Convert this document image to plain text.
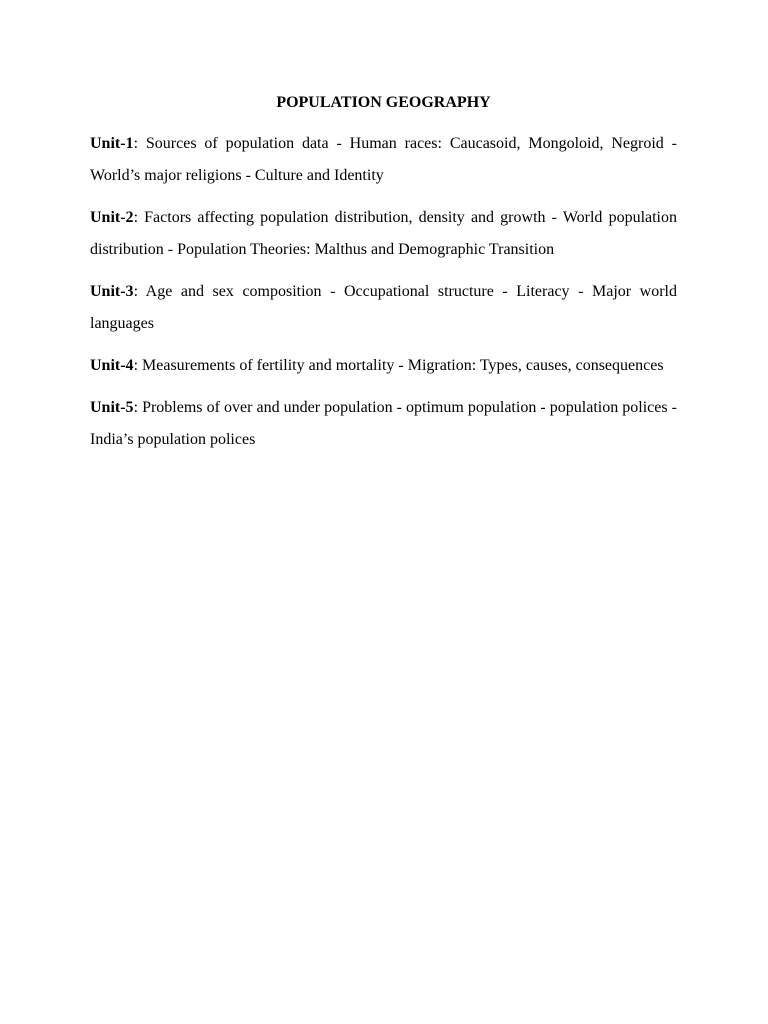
POPULATION GEOGRAPHY

Unit-1: Sources of population data - Human races: Caucasoid, Mongoloid, Negroid - World’s major religions - Culture and Identity

Unit-2: Factors affecting population distribution, density and growth - World population distribution - Population Theories: Malthus and Demographic Transition

Unit-3: Age and sex composition - Occupational structure - Literacy - Major world languages

Unit-4: Measurements of fertility and mortality - Migration: Types, causes, consequences

Unit-5: Problems of over and under population - optimum population - population polices - India’s population polices
